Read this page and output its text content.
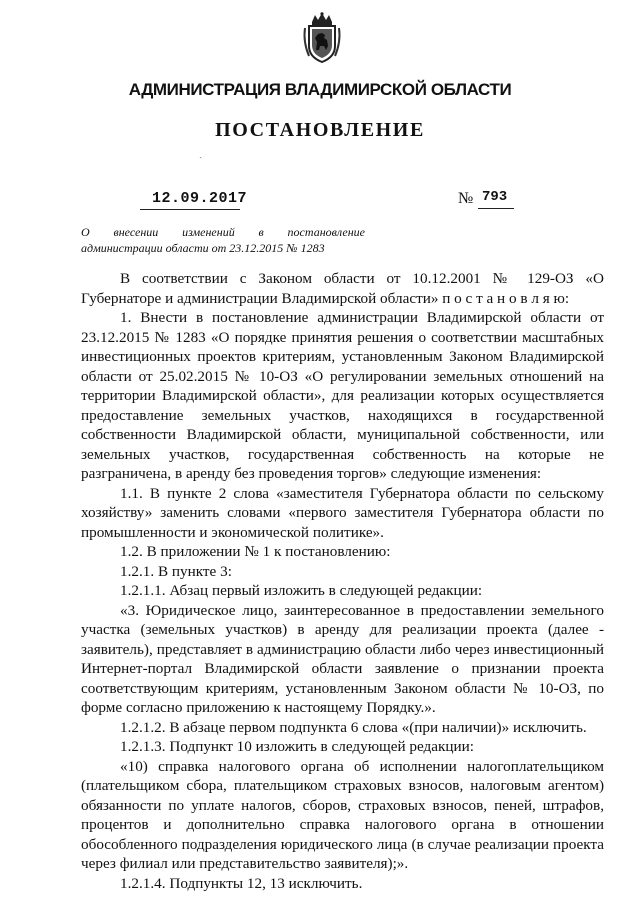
АДМИНИСТРАЦИЯ ВЛАДИМИРСКОЙ ОБЛАСТИ
ПОСТАНОВЛЕНИЕ
ˎ
12.09.2017	№ 793
О внесении изменений в постановление
администрации области от 23.12.2015 № 1283

В соответствии с Законом области от 10.12.2001 № 129-ОЗ «О Губернаторе и администрации Владимирской области» п о с т а н о в л я ю:

1. Внести в постановление администрации Владимирской области от 23.12.2015 № 1283 «О порядке принятия решения о соответствии масштабных инвестиционных проектов критериям, установленным Законом Владимирской области от 25.02.2015 № 10-ОЗ «О регулировании земельных отношений на территории Владимирской области», для реализации которых осуществляется предоставление земельных участков, находящихся в государственной собственности Владимирской области, муниципальной собственности, или земельных участков, государственная собственность на которые не разграничена, в аренду без проведения торгов» следующие изменения:

1.1. В пункте 2 слова «заместителя Губернатора области по сельскому хозяйству» заменить словами «первого заместителя Губернатора области по промышленности и экономической политике».

1.2. В приложении № 1 к постановлению:

1.2.1. В пункте 3:

1.2.1.1. Абзац первый изложить в следующей редакции:

«3. Юридическое лицо, заинтересованное в предоставлении земельного участка (земельных участков) в аренду для реализации проекта (далее - заявитель), представляет в администрацию области либо через инвестиционный Интернет-портал Владимирской области заявление о признании проекта соответствующим критериям, установленным Законом области № 10-ОЗ, по форме согласно приложению к настоящему Порядку.».

1.2.1.2. В абзаце первом подпункта 6 слова «(при наличии)» исключить.

1.2.1.3. Подпункт 10 изложить в следующей редакции:

«10) справка налогового органа об исполнении налогоплательщиком (плательщиком сбора, плательщиком страховых взносов, налоговым агентом) обязанности по уплате налогов, сборов, страховых взносов, пеней, штрафов, процентов и дополнительно справка налогового органа в отношении обособленного подразделения юридического лица (в случае реализации проекта через филиал или представительство заявителя);».

1.2.1.4. Подпункты 12, 13 исключить.
